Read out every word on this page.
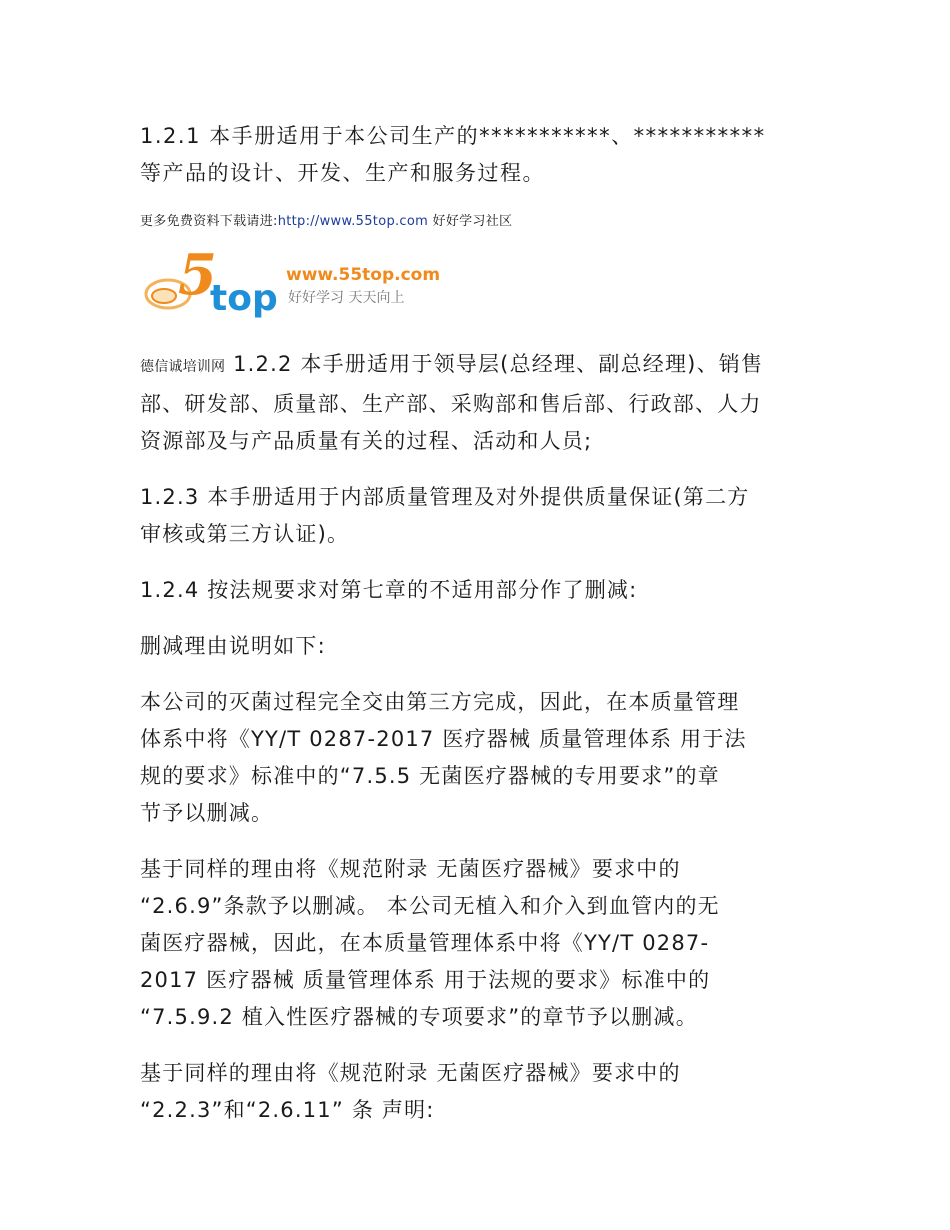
1.2.1 本手册适用于本公司生产的***********、***********
等产品的设计、开发、生产和服务过程。

更多免费资料下载请进:http://www.55top.com 好好学习社区

5
top
www.55top.com
好好学习 天天向上

德信诚培训网 1.2.2 本手册适用于领导层(总经理、副总经理)、销售
部、研发部、质量部、生产部、采购部和售后部、行政部、人力
资源部及与产品质量有关的过程、活动和人员;

1.2.3 本手册适用于内部质量管理及对外提供质量保证(第二方
审核或第三方认证)。

1.2.4 按法规要求对第七章的不适用部分作了删减:

删减理由说明如下:

本公司的灭菌过程完全交由第三方完成，因此，在本质量管理
体系中将《YY/T 0287-2017 医疗器械 质量管理体系 用于法
规的要求》标准中的“7.5.5 无菌医疗器械的专用要求”的章
节予以删减。

基于同样的理由将《规范附录 无菌医疗器械》要求中的
“2.6.9”条款予以删减。 本公司无植入和介入到血管内的无
菌医疗器械，因此，在本质量管理体系中将《YY/T 0287-
2017 医疗器械 质量管理体系 用于法规的要求》标准中的
“7.5.9.2 植入性医疗器械的专项要求”的章节予以删减。

基于同样的理由将《规范附录 无菌医疗器械》要求中的
“2.2.3”和“2.6.11” 条 声明:
